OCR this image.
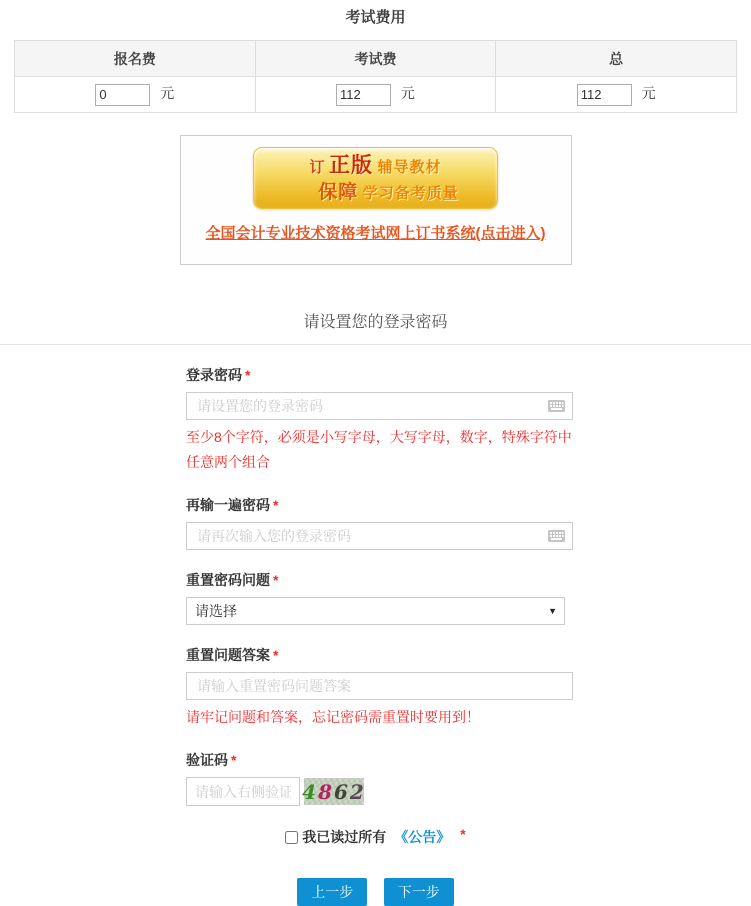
考试费用
报名费	考试费	总
0 元	112元	112元
订 正版 辅导教材
保障 学习备考质量
全国会计专业技术资格考试网上订书系统(点击进入)
请设置您的登录密码
登录密码 *
请设置您的登录密码
至少8个字符，必须是小写字母，大写字母，数字，特殊字符中任意两个组合
再输一遍密码 *
请再次输入您的登录密码
重置密码问题 *
请选择
▼
重置问题答案 *
请输入重置密码问题答案
请牢记问题和答案，忘记密码需重置时要用到！
验证码 *
请输入右侧验证码
4862
我已读过所有 《公告》 *
上一步	下一步
